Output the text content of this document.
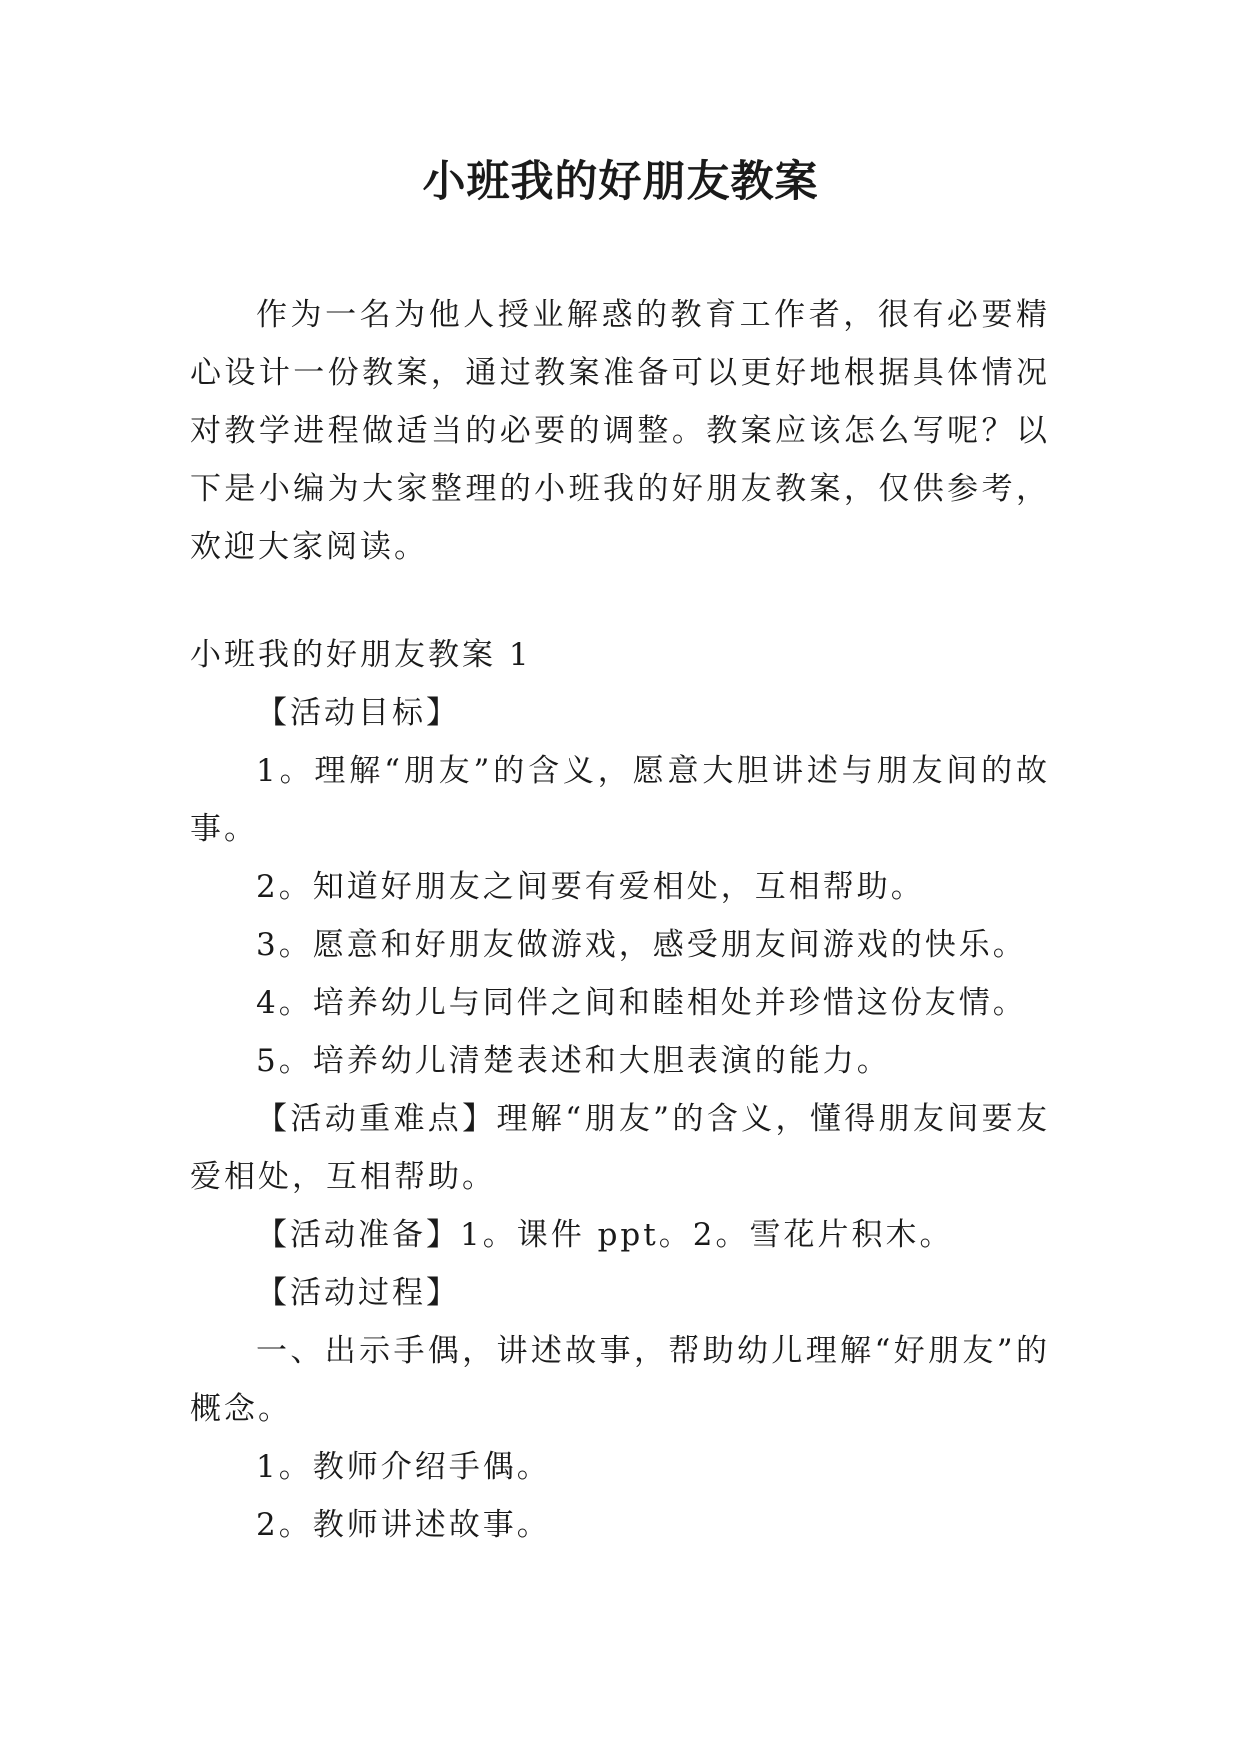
小班我的好朋友教案

作为一名为他人授业解惑的教育工作者，很有必要精心设计一份教案，通过教案准备可以更好地根据具体情况对教学进程做适当的必要的调整。教案应该怎么写呢？以下是小编为大家整理的小班我的好朋友教案，仅供参考，欢迎大家阅读。

小班我的好朋友教案 1

【活动目标】

1。理解“朋友”的含义，愿意大胆讲述与朋友间的故事。

2。知道好朋友之间要有爱相处，互相帮助。

3。愿意和好朋友做游戏，感受朋友间游戏的快乐。

4。培养幼儿与同伴之间和睦相处并珍惜这份友情。

5。培养幼儿清楚表述和大胆表演的能力。

【活动重难点】理解“朋友”的含义，懂得朋友间要友爱相处，互相帮助。

【活动准备】1。课件 ppt。2。雪花片积木。

【活动过程】

一、出示手偶，讲述故事，帮助幼儿理解“好朋友”的概念。

1。教师介绍手偶。

2。教师讲述故事。
